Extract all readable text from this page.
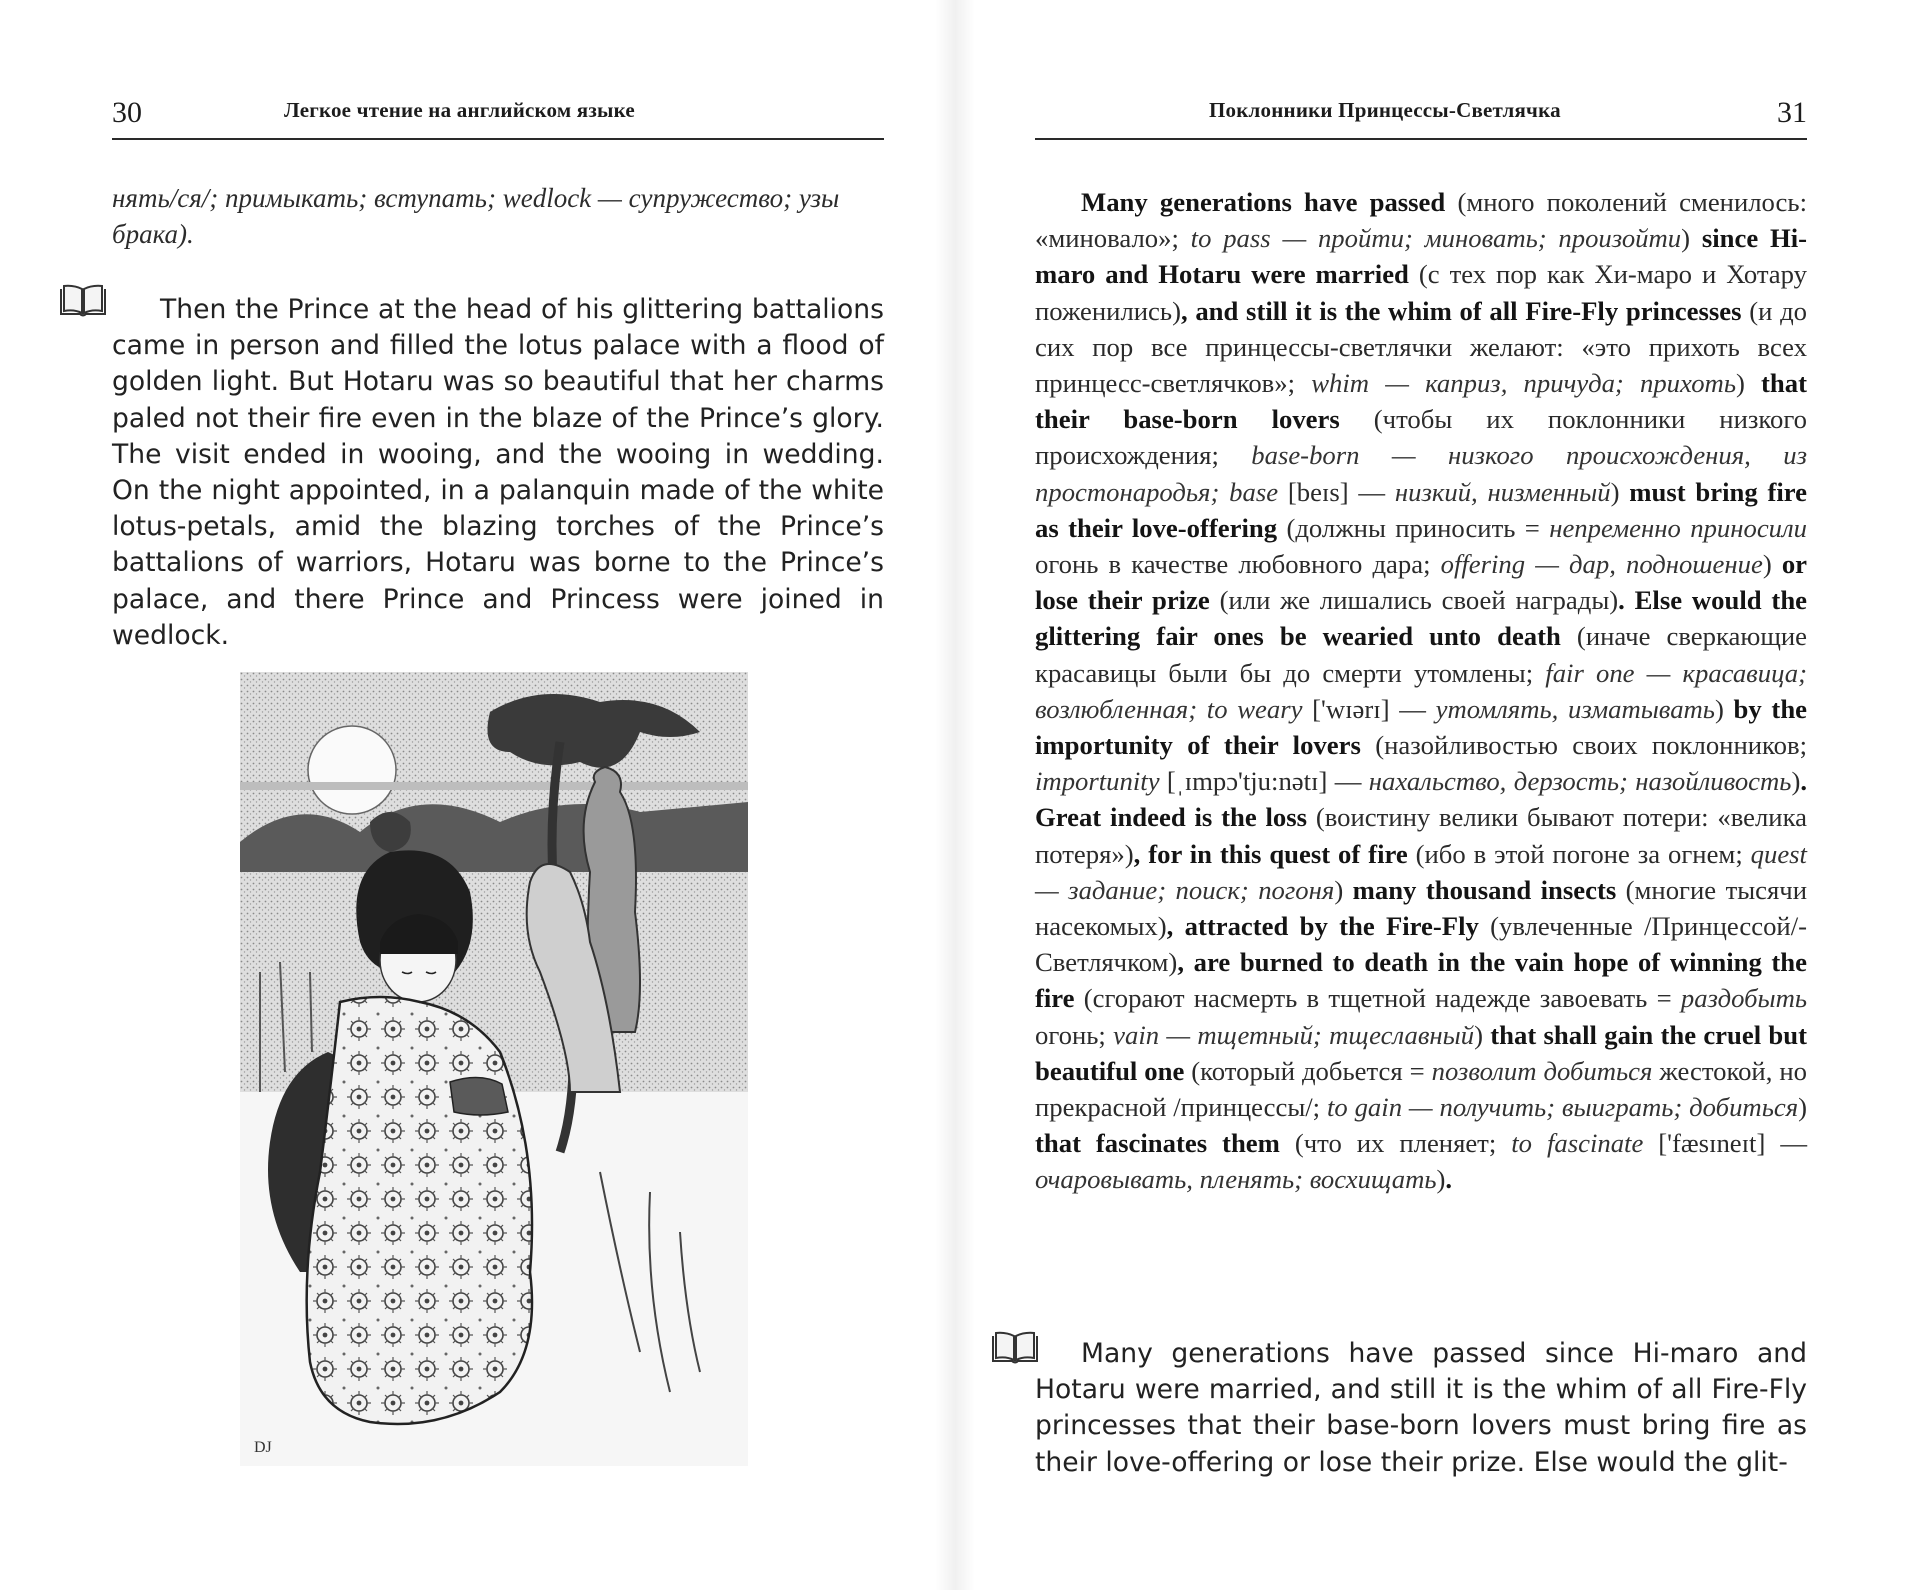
30	Легкое чтение на английском языке
нять/ся/; примыкать; вступать; wedlock — супружество; узы брака).

Then the Prince at the head of his glittering battalions came in person and filled the lotus palace with a flood of golden light. But Hotaru was so beautiful that her charms paled not their fire even in the blaze of the Prince’s glory. The visit ended in wooing, and the wooing in wedding. On the night appointed, in a palanquin made of the white lotus-petals, amid the blazing torches of the Prince’s battalions of warriors, Hotaru was borne to the Prince’s palace, and there Prince and Princess were joined in wedlock.

DJ
Поклонники Принцессы-Светлячка	31

Many generations have passed (много поколений сменилось: «миновало»; to pass — пройти; миновать; произойти) since Hi-maro and Hotaru were married (с тех пор как Хи-маро и Хотару поженились), and still it is the whim of all Fire-Fly princesses (и до сих пор все принцессы-светлячки желают: «это прихоть всех принцесс-светлячков»; whim — каприз, причуда; прихоть) that their base-born lovers (чтобы их поклонники низкого происхождения; base-born — низкого происхождения, из простонародья; base [beɪs] — низкий, низменный) must bring fire as their love-offering (должны приносить = непременно приносили огонь в качестве любовного дара; offering — дар, подношение) or lose their prize (или же лишались своей награды). Else would the glittering fair ones be wearied unto death (иначе сверкающие красавицы были бы до смерти утомлены; fair one — красавица; возлюбленная; to weary ['wɪərɪ] — утомлять, изматывать) by the importunity of their lovers (назойливостью своих поклонников; importunity [ˌɪmpɔ'tju:nətɪ] — нахальство, дерзость; назойливость). Great indeed is the loss (воистину велики бывают потери: «велика потеря»), for in this quest of fire (ибо в этой погоне за огнем; quest — задание; поиск; погоня) many thousand insects (многие тысячи насекомых), attracted by the Fire-Fly (увлеченные /Принцессой/-Светлячком), are burned to death in the vain hope of winning the fire (сгорают насмерть в тщетной надежде завоевать = раздобыть огонь; vain — тщетный; тщеславный) that shall gain the cruel but beautiful one (который добьется = позволит добиться жестокой, но прекрасной /принцессы/; to gain — получить; выиграть; добиться) that fascinates them (что их пленяет; to fascinate ['fæsɪneɪt] — очаровывать, пленять; восхищать).

Many generations have passed since Hi-maro and Hotaru were married, and still it is the whim of all Fire-Fly princesses that their base-born lovers must bring fire as their love-offering or lose their prize. Else would the glit-
